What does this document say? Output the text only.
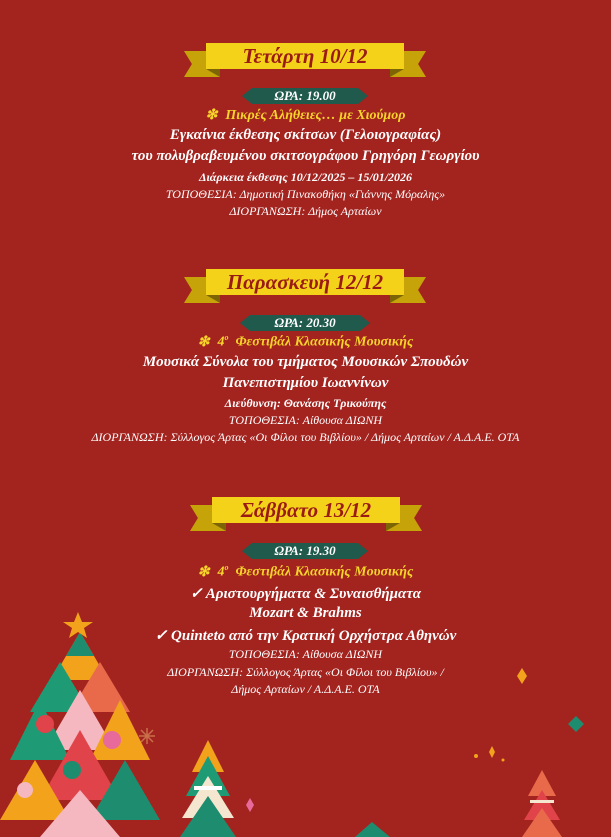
Τετάρτη 10/12
ΩΡΑ: 19.00
❇ Πικρές Αλήθειες… με Χιούμορ
Εγκαίνια έκθεσης σκίτσων (Γελοιογραφίας)
του πολυβραβευμένου σκιτσογράφου Γρηγόρη Γεωργίου
Διάρκεια έκθεσης 10/12/2025 – 15/01/2026
ΤΟΠΟΘΕΣΙΑ: Δημοτική Πινακοθήκη «Γιάννης Μόραλης»
ΔΙΟΡΓΑΝΩΣΗ: Δήμος Αρταίων
Παρασκευή 12/12
ΩΡΑ: 20.30
❇ $4^o$ Φεστιβάλ Κλασικής Μουσικής
Μουσικά Σύνολα του τμήματος Μουσικών Σπουδών
Πανεπιστημίου Ιωαννίνων
Διεύθυνση: Θανάσης Τρικούπης
ΤΟΠΟΘΕΣΙΑ: Αίθουσα ΔΙΩΝΗ
ΔΙΟΡΓΑΝΩΣΗ: Σύλλογος Άρτας «Οι Φίλοι του Βιβλίου» / Δήμος Αρταίων / Α.Δ.Α.Ε. ΟΤΑ
Σάββατο 13/12
ΩΡΑ: 19.30
❇ $4^o$ Φεστιβάλ Κλασικής Μουσικής
✓ Αριστουργήματα & Συναισθήματα
Mozart & Brahms
✓ Quinteto από την Κρατική Ορχήστρα Αθηνών
ΤΟΠΟΘΕΣΙΑ: Αίθουσα ΔΙΩΝΗ
ΔΙΟΡΓΑΝΩΣΗ: Σύλλογος Άρτας «Οι Φίλοι του Βιβλίου» /
Δήμος Αρταίων / Α.Δ.Α.Ε. ΟΤΑ
